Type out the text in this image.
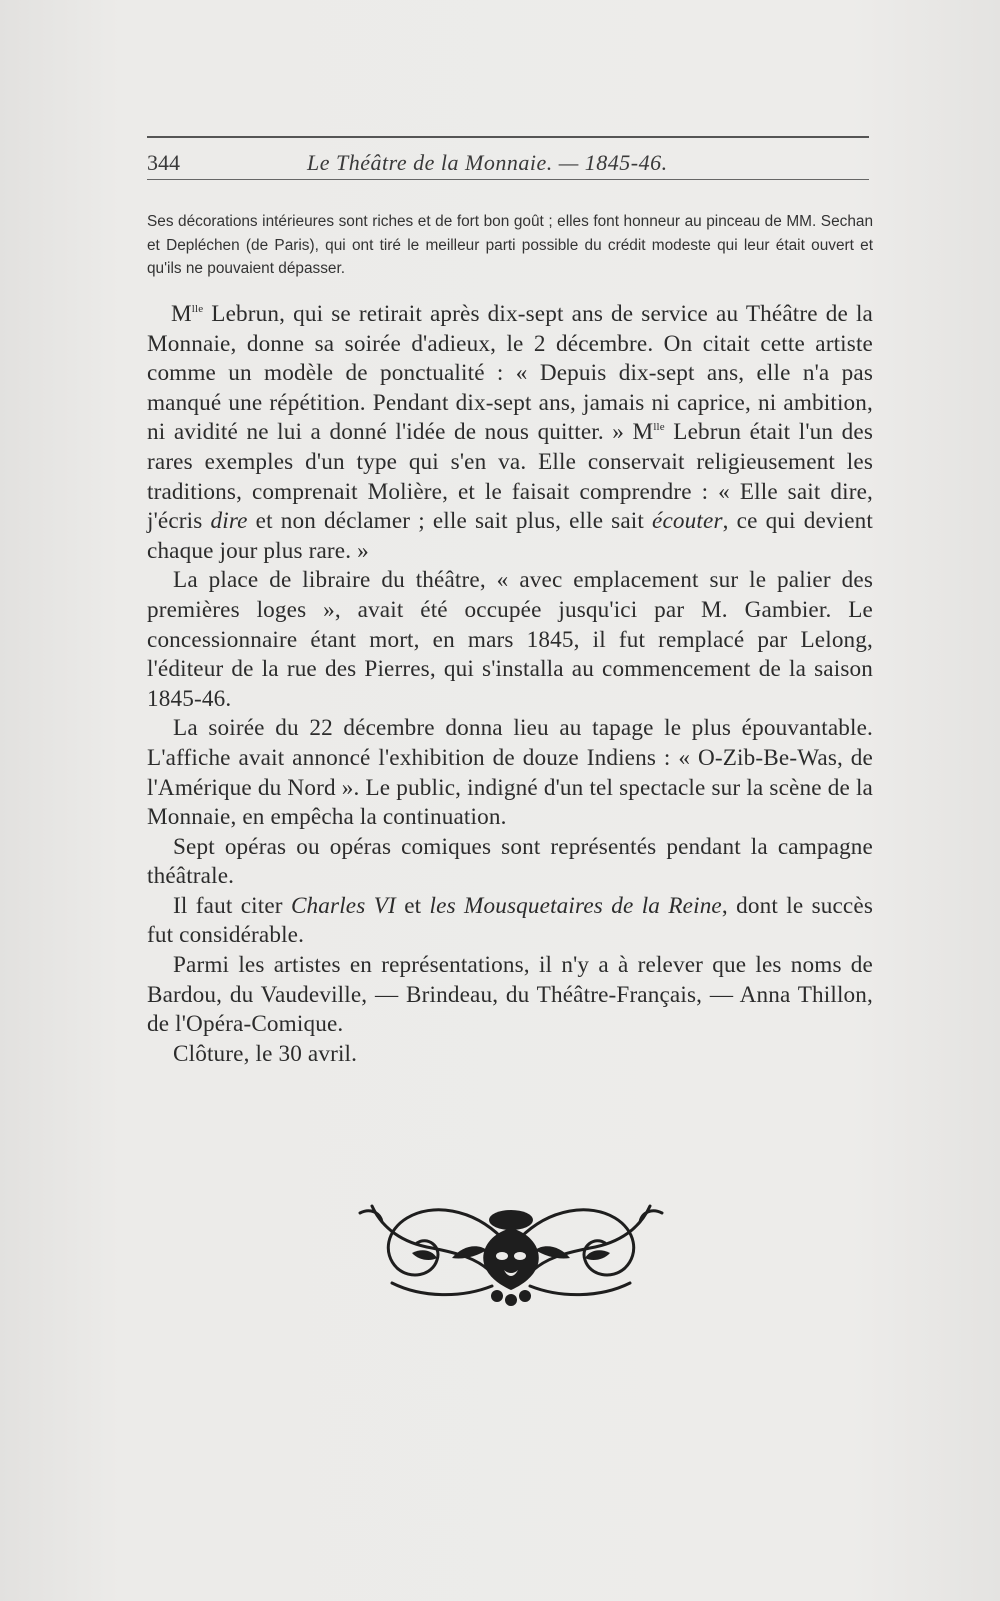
344	Le Théâtre de la Monnaie. — 1845-46.
Ses décorations intérieures sont riches et de fort bon goût ; elles font honneur au pinceau de MM. Sechan et Depléchen (de Paris), qui ont tiré le meilleur parti possible du crédit modeste qui leur était ouvert et qu'ils ne pouvaient dépasser.

$M^{lle}$ Lebrun, qui se retirait après dix-sept ans de service au Théâtre de la Monnaie, donne sa soirée d'adieux, le 2 décembre. On citait cette artiste comme un modèle de ponctualité : « Depuis dix-sept ans, elle n'a pas manqué une répétition. Pendant dix-sept ans, jamais ni caprice, ni ambition, ni avidité ne lui a donné l'idée de nous quitter. » $M^{lle}$ Lebrun était l'un des rares exemples d'un type qui s'en va. Elle conservait religieusement les traditions, comprenait Molière, et le faisait comprendre : « Elle sait dire, j'écris dire et non déclamer ; elle sait plus, elle sait écouter, ce qui devient chaque jour plus rare. »

La place de libraire du théâtre, « avec emplacement sur le palier des premières loges », avait été occupée jusqu'ici par M. Gambier. Le concessionnaire étant mort, en mars 1845, il fut remplacé par Lelong, l'éditeur de la rue des Pierres, qui s'installa au commencement de la saison 1845-46.

La soirée du 22 décembre donna lieu au tapage le plus épouvantable. L'affiche avait annoncé l'exhibition de douze Indiens : « O-Zib-Be-Was, de l'Amérique du Nord ». Le public, indigné d'un tel spectacle sur la scène de la Monnaie, en empêcha la continuation.

Sept opéras ou opéras comiques sont représentés pendant la campagne théâtrale.

Il faut citer Charles VI et les Mousquetaires de la Reine, dont le succès fut considérable.

Parmi les artistes en représentations, il n'y a à relever que les noms de Bardou, du Vaudeville, — Brindeau, du Théâtre-Français, — Anna Thillon, de l'Opéra-Comique.

Clôture, le 30 avril.
